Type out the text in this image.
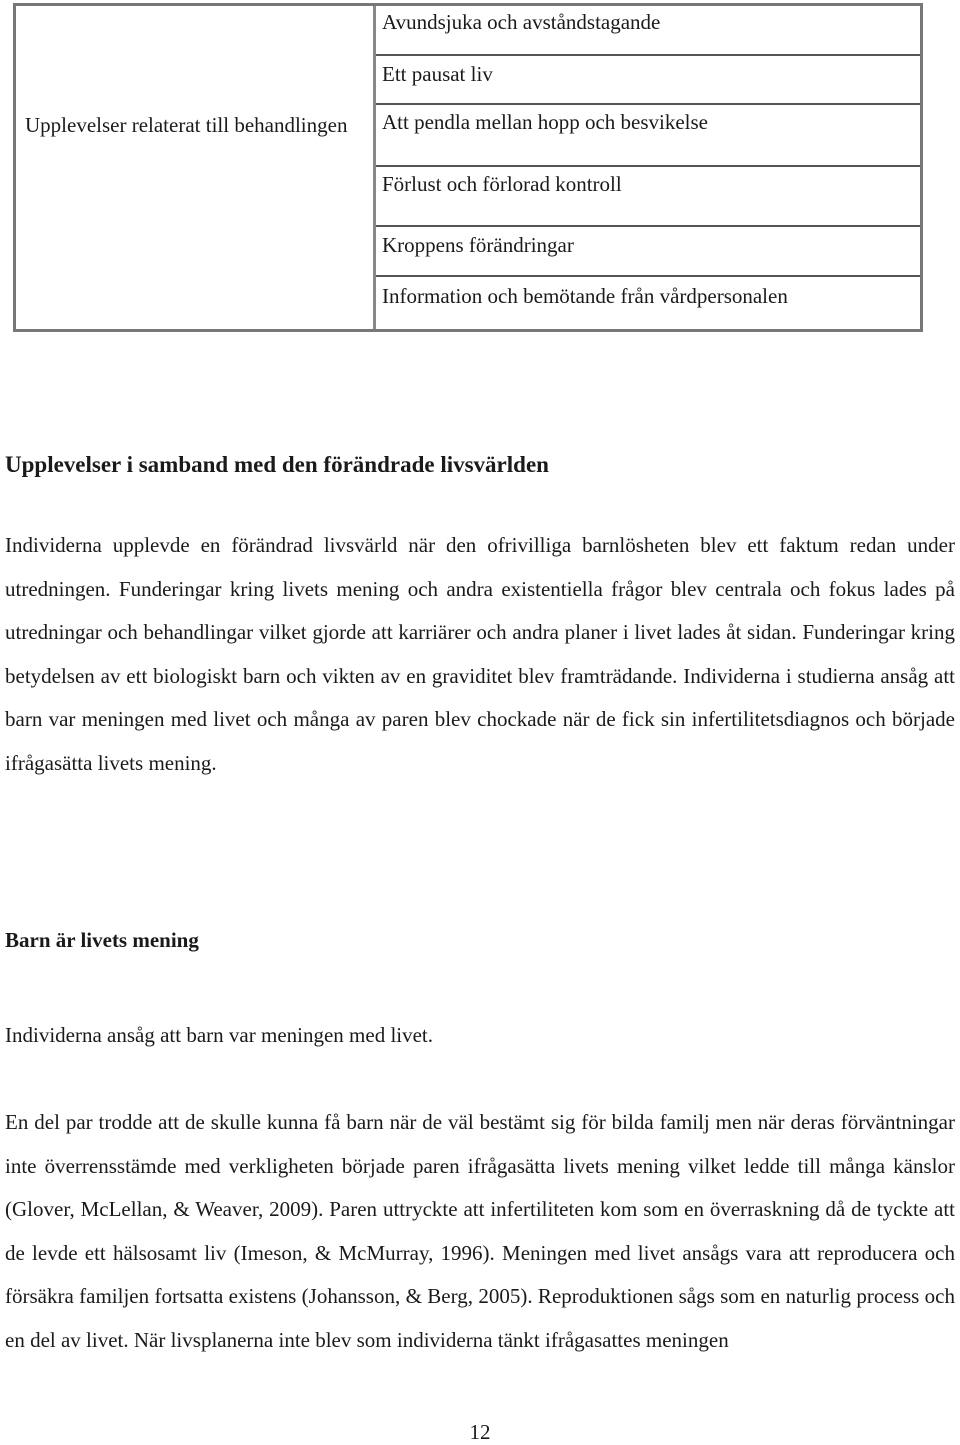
Upplevelser relaterat till behandlingen
Avundsjuka och avståndstagande
Ett pausat liv
Att pendla mellan hopp och besvikelse
Förlust och förlorad kontroll
Kroppens förändringar
Information och bemötande från vårdpersonalen
Upplevelser i samband med den förändrade livsvärlden
Individerna upplevde en förändrad livsvärld när den ofrivilliga barnlösheten blev ett faktum redan under utredningen. Funderingar kring livets mening och andra existentiella frågor blev centrala och fokus lades på utredningar och behandlingar vilket gjorde att karriärer och andra planer i livet lades åt sidan. Funderingar kring betydelsen av ett biologiskt barn och vikten av en graviditet blev framträdande. Individerna i studierna ansåg att barn var meningen med livet och många av paren blev chockade när de fick sin infertilitetsdiagnos och började ifrågasätta livets mening.
Barn är livets mening
Individerna ansåg att barn var meningen med livet.
En del par trodde att de skulle kunna få barn när de väl bestämt sig för bilda familj men när deras förväntningar inte överrensstämde med verkligheten började paren ifrågasätta livets mening vilket ledde till många känslor (Glover, McLellan, & Weaver, 2009). Paren uttryckte att infertiliteten kom som en överraskning då de tyckte att de levde ett hälsosamt liv (Imeson, & McMurray, 1996). Meningen med livet ansågs vara att reproducera och försäkra familjen fortsatta existens (Johansson, & Berg, 2005). Reproduktionen sågs som en naturlig process och en del av livet. När livsplanerna inte blev som individerna tänkt ifrågasattes meningen
12
